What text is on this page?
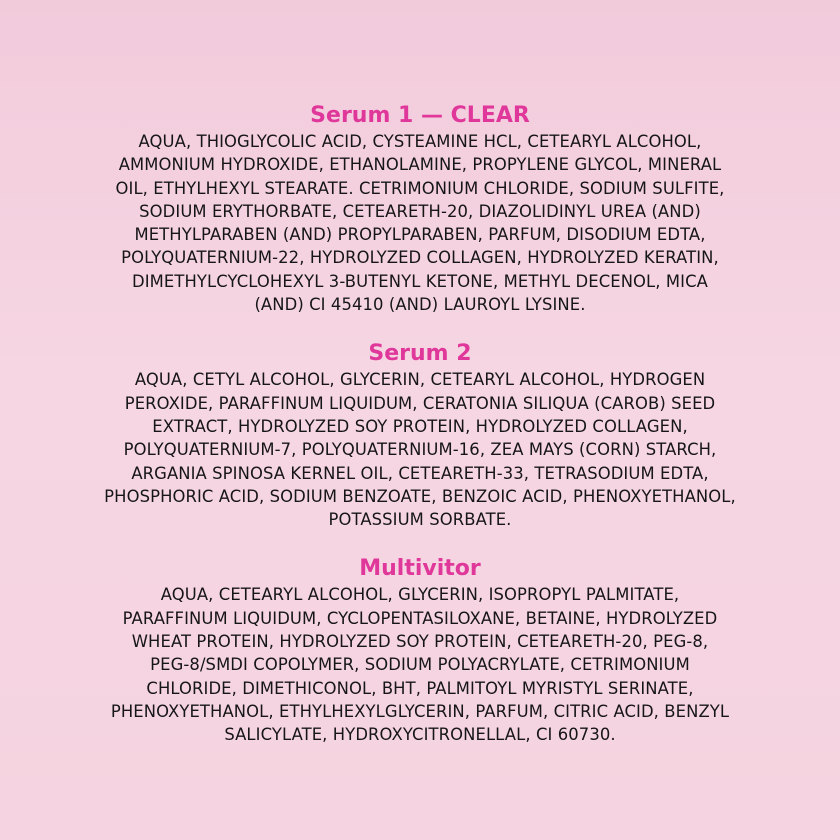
Serum 1 — CLEAR

AQUA, THIOGLYCOLIC ACID, CYSTEAMINE HCL, CETEARYL ALCOHOL,
AMMONIUM HYDROXIDE, ETHANOLAMINE, PROPYLENE GLYCOL, MINERAL
OIL, ETHYLHEXYL STEARATE. CETRIMONIUM CHLORIDE, SODIUM SULFITE,
SODIUM ERYTHORBATE, CETEARETH-20, DIAZOLIDINYL UREA (AND)
METHYLPARABEN (AND) PROPYLPARABEN, PARFUM, DISODIUM EDTA,
POLYQUATERNIUM-22, HYDROLYZED COLLAGEN, HYDROLYZED KERATIN,
DIMETHYLCYCLOHEXYL 3-BUTENYL KETONE, METHYL DECENOL, MICA
(AND) CI 45410 (AND) LAUROYL LYSINE.

Serum 2

AQUA, CETYL ALCOHOL, GLYCERIN, CETEARYL ALCOHOL, HYDROGEN
PEROXIDE, PARAFFINUM LIQUIDUM, CERATONIA SILIQUA (CAROB) SEED
EXTRACT, HYDROLYZED SOY PROTEIN, HYDROLYZED COLLAGEN,
POLYQUATERNIUM-7, POLYQUATERNIUM-16, ZEA MAYS (CORN) STARCH,
ARGANIA SPINOSA KERNEL OIL, CETEARETH-33, TETRASODIUM EDTA,
PHOSPHORIC ACID, SODIUM BENZOATE, BENZOIC ACID, PHENOXYETHANOL,
POTASSIUM SORBATE.

Multivitor

AQUA, CETEARYL ALCOHOL, GLYCERIN, ISOPROPYL PALMITATE,
PARAFFINUM LIQUIDUM, CYCLOPENTASILOXANE, BETAINE, HYDROLYZED
WHEAT PROTEIN, HYDROLYZED SOY PROTEIN, CETEARETH-20, PEG-8,
PEG-8/SMDI COPOLYMER, SODIUM POLYACRYLATE, CETRIMONIUM
CHLORIDE, DIMETHICONOL, BHT, PALMITOYL MYRISTYL SERINATE,
PHENOXYETHANOL, ETHYLHEXYLGLYCERIN, PARFUM, CITRIC ACID, BENZYL
SALICYLATE, HYDROXYCITRONELLAL, CI 60730.
